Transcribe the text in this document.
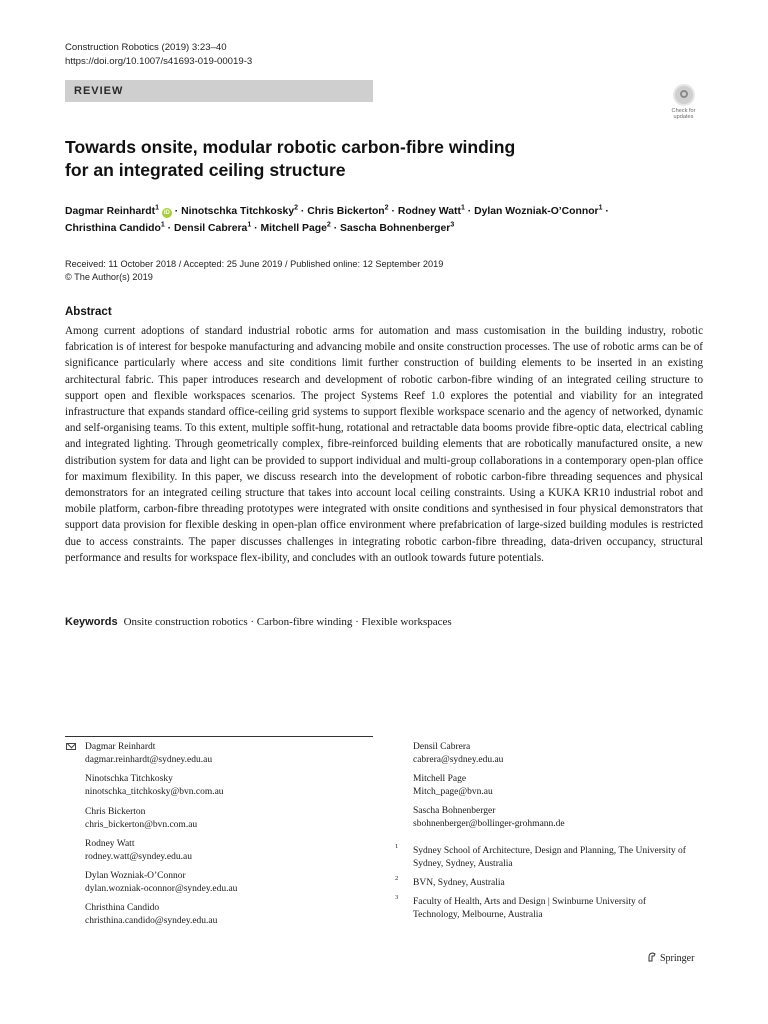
Construction Robotics (2019) 3:23–40
https://doi.org/10.1007/s41693-019-00019-3
REVIEW
Check for updates
Towards onsite, modular robotic carbon-fibre winding
for an integrated ceiling structure
Dagmar Reinhardt$^1$ iD · Ninotschka Titchkosky$^2$ · Chris Bickerton$^2$ · Rodney Watt$^1$ · Dylan Wozniak-O’Connor$^1$ ·
Christhina Candido$^1$ · Densil Cabrera$^1$ · Mitchell Page$^2$ · Sascha Bohnenberger$^3$
Received: 11 October 2018 / Accepted: 25 June 2019 / Published online: 12 September 2019
© The Author(s) 2019
Abstract

Among current adoptions of standard industrial robotic arms for automation and mass customisation in the building industry, robotic fabrication is of interest for bespoke manufacturing and advancing mobile and onsite construction processes. The use of robotic arms can be of significance particularly where access and site conditions limit further construction of building elements to be inserted in an existing architectural fabric. This paper introduces research and development of robotic carbon-fibre winding of an integrated ceiling structure to support open and flexible workspaces scenarios. The project Systems Reef 1.0 explores the potential and viability for an integrated infrastructure that expands standard office-ceiling grid systems to support flexible workspace scenario and the agency of networked, dynamic and self-organising teams. To this extent, multiple soffit-hung, rotational and retractable data booms provide fibre-optic data, electrical cabling and integrated lighting. Through geometrically complex, fibre-reinforced building elements that are robotically manufactured onsite, a new distribution system for data and light can be provided to support individual and multi-group collaborations in a contemporary open-plan office for maximum flexibility. In this paper, we discuss research into the development of robotic carbon-fibre threading sequences and physical demonstrators for an integrated ceiling structure that takes into account local ceiling constraints. Using a KUKA KR10 industrial robot and mobile platform, carbon-fibre threading prototypes were integrated with onsite conditions and synthesised in four physical demonstrators that support data provision for flexible desking in open-plan office environment where prefabrication of large-sized building modules is restricted due to access constraints. The paper discusses challenges in integrating robotic carbon-fibre threading, data-driven occupancy, structural performance and results for workspace flex-ibility, and concludes with an outlook towards future potentials.

Keywords Onsite construction robotics · Carbon-fibre winding · Flexible workspaces
Dagmar Reinhardt
dagmar.reinhardt@sydney.edu.au
Ninotschka Titchkosky
ninotschka_titchkosky@bvn.com.au
Chris Bickerton
chris_bickerton@bvn.com.au
Rodney Watt
rodney.watt@syndey.edu.au
Dylan Wozniak-O’Connor
dylan.wozniak-oconnor@syndey.edu.au
Christhina Candido
christhina.candido@syndey.edu.au
Densil Cabrera
cabrera@sydney.edu.au
Mitchell Page
Mitch_page@bvn.au
Sascha Bohnenberger
sbohnenberger@bollinger-grohmann.de
1 Sydney School of Architecture, Design and Planning, The University of Sydney, Sydney, Australia
2 BVN, Sydney, Australia
3 Faculty of Health, Arts and Design | Swinburne University of Technology, Melbourne, Australia
Springer
